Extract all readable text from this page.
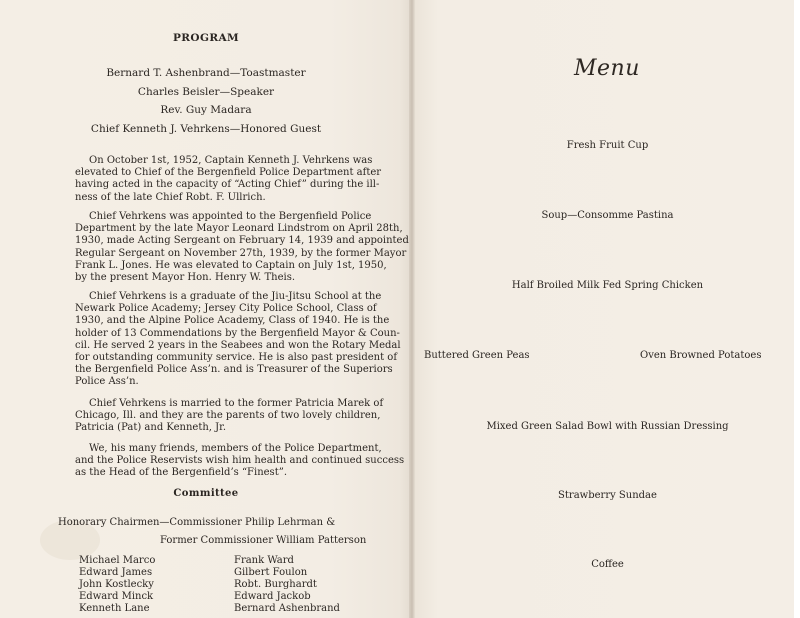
PROGRAM
Bernard T. Ashenbrand—Toastmaster
Charles Beisler—Speaker
Rev. Guy Madara
Chief Kenneth J. Vehrkens—Honored Guest
On October 1st, 1952, Captain Kenneth J. Vehrkens was
elevated to Chief of the Bergenfield Police Department after
having acted in the capacity of “Acting Chief” during the ill-
ness of the late Chief Robt. F. Ullrich.
Chief Vehrkens was appointed to the Bergenfield Police
Department by the late Mayor Leonard Lindstrom on April 28th,
1930, made Acting Sergeant on February 14, 1939 and appointed
Regular Sergeant on November 27th, 1939, by the former Mayor
Frank L. Jones. He was elevated to Captain on July 1st, 1950,
by the present Mayor Hon. Henry W. Theis.
Chief Vehrkens is a graduate of the Jiu-Jitsu School at the
Newark Police Academy; Jersey City Police School, Class of
1930, and the Alpine Police Academy, Class of 1940. He is the
holder of 13 Commendations by the Bergenfield Mayor & Coun-
cil. He served 2 years in the Seabees and won the Rotary Medal
for outstanding community service. He is also past president of
the Bergenfield Police Ass’n. and is Treasurer of the Superiors
Police Ass’n.
Chief Vehrkens is married to the former Patricia Marek of
Chicago, Ill. and they are the parents of two lovely children,
Patricia (Pat) and Kenneth, Jr.
We, his many friends, members of the Police Department,
and the Police Reservists wish him health and continued success
as the Head of the Bergenfield’s “Finest”.
Committee
Honorary Chairmen—Commissioner Philip Lehrman &
Former Commissioner William Patterson
Michael Marco
Edward James
John Kostlecky
Edward Minck
Kenneth Lane
Frank Ward
Gilbert Foulon
Robt. Burghardt
Edward Jackob
Bernard Ashenbrand
Menu
Fresh Fruit Cup
Soup—Consomme Pastina
Half Broiled Milk Fed Spring Chicken
Buttered Green Peas	Oven Browned Potatoes
Mixed Green Salad Bowl with Russian Dressing
Strawberry Sundae
Coffee
